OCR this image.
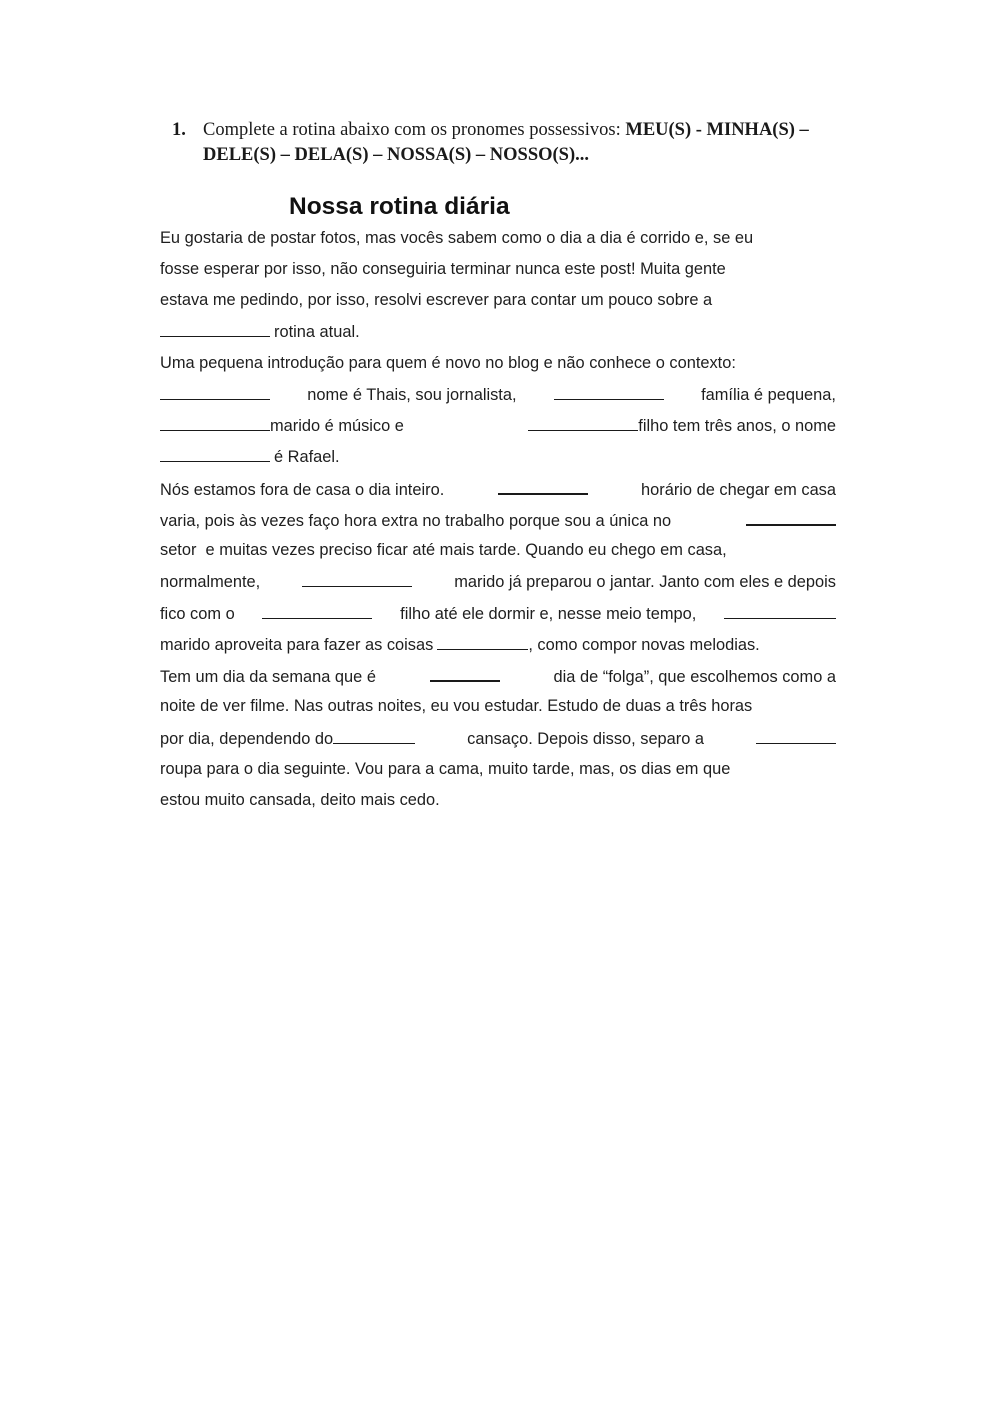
1. Complete a rotina abaixo com os pronomes possessivos: MEU(S) - MINHA(S) – DELE(S) – DELA(S) – NOSSA(S) – NOSSO(S)...
Nossa rotina diária
Eu gostaria de postar fotos, mas vocês sabem como o dia a dia é corrido e, se eu
fosse esperar por isso, não conseguiria terminar nunca este post! Muita gente
estava me pedindo, por isso, resolvi escrever para contar um pouco sobre a
rotina atual.
Uma pequena introdução para quem é novo no blog e não conhece o contexto:
nome é Thais, sou jornalista,	família é pequena,
marido é músico e	filho tem três anos, o nome
é Rafael.
Nós estamos fora de casa o dia inteiro.	horário de chegar em casa
varia, pois às vezes faço hora extra no trabalho porque sou a única no
setor  e muitas vezes preciso ficar até mais tarde. Quando eu chego em casa,
normalmente,	marido já preparou o jantar. Janto com eles e depois
fico com o	filho até ele dormir e, nesse meio tempo,
marido aproveita para fazer as coisas	, como compor novas melodias.
Tem um dia da semana que é	dia de “folga”, que escolhemos como a
noite de ver filme. Nas outras noites, eu vou estudar. Estudo de duas a três horas
por dia, dependendo do	cansaço. Depois disso, separo a
roupa para o dia seguinte. Vou para a cama, muito tarde, mas, os dias em que
estou muito cansada, deito mais cedo.
